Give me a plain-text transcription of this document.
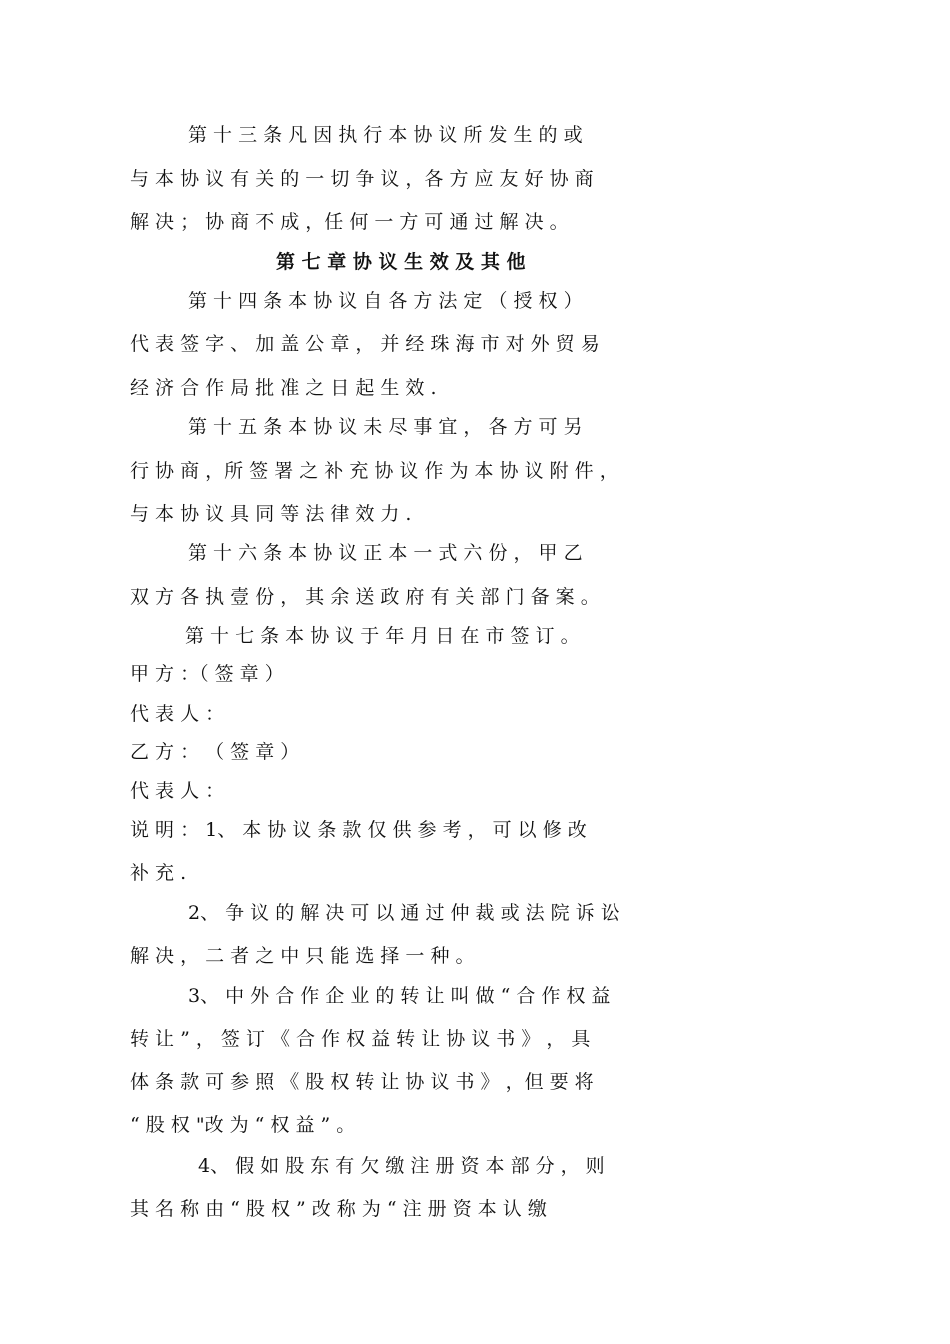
第 十 三 条 凡 因 执 行 本 协 议 所 发 生 的 或
与 本 协 议 有 关 的 一 切 争 议 ，各 方 应 友 好 协 商
解 决 ； 协 商 不 成 ，任 何 一 方 可 通 过 解 决 。
第 七 章 协 议 生 效 及 其 他
第 十 四 条 本 协 议 自 各 方 法 定 （ 授 权 ）
代 表 签 字 、 加 盖 公 章 ， 并 经 珠 海 市 对 外 贸 易
经 济 合 作 局 批 准 之 日 起 生 效 .
第 十 五 条 本 协 议 未 尽 事 宜 ， 各 方 可 另
行 协 商 ，所 签 署 之 补 充 协 议 作 为 本 协 议 附 件 ，
与 本 协 议 具 同 等 法 律 效 力 .
第 十 六 条 本 协 议 正 本 一 式 六 份 ， 甲 乙
双 方 各 执 壹 份 ， 其 余 送 政 府 有 关 部 门 备 案 。
第 十 七 条 本 协 议 于 年 月 日 在 市 签 订 。
甲 方 ：（ 签 章 ）
代 表 人 ：
乙 方 ： （ 签 章 ）
代 表 人 ：
说 明 ： 1、 本 协 议 条 款 仅 供 参 考 ， 可 以 修 改
补 充 .
2、 争 议 的 解 决 可 以 通 过 仲 裁 或 法 院 诉 讼
解 决 ， 二 者 之 中 只 能 选 择 一 种 。
3、 中 外 合 作 企 业 的 转 让 叫 做 “ 合 作 权 益
转 让 ” ， 签 订 《 合 作 权 益 转 让 协 议 书 》 ， 具
体 条 款 可 参 照 《 股 权 转 让 协 议 书 》 ，但 要 将
“ 股 权 "改 为 “ 权 益 ” 。
4、 假 如 股 东 有 欠 缴 注 册 资 本 部 分 ， 则
其 名 称 由 “ 股 权 ” 改 称 为 “ 注 册 资 本 认 缴
